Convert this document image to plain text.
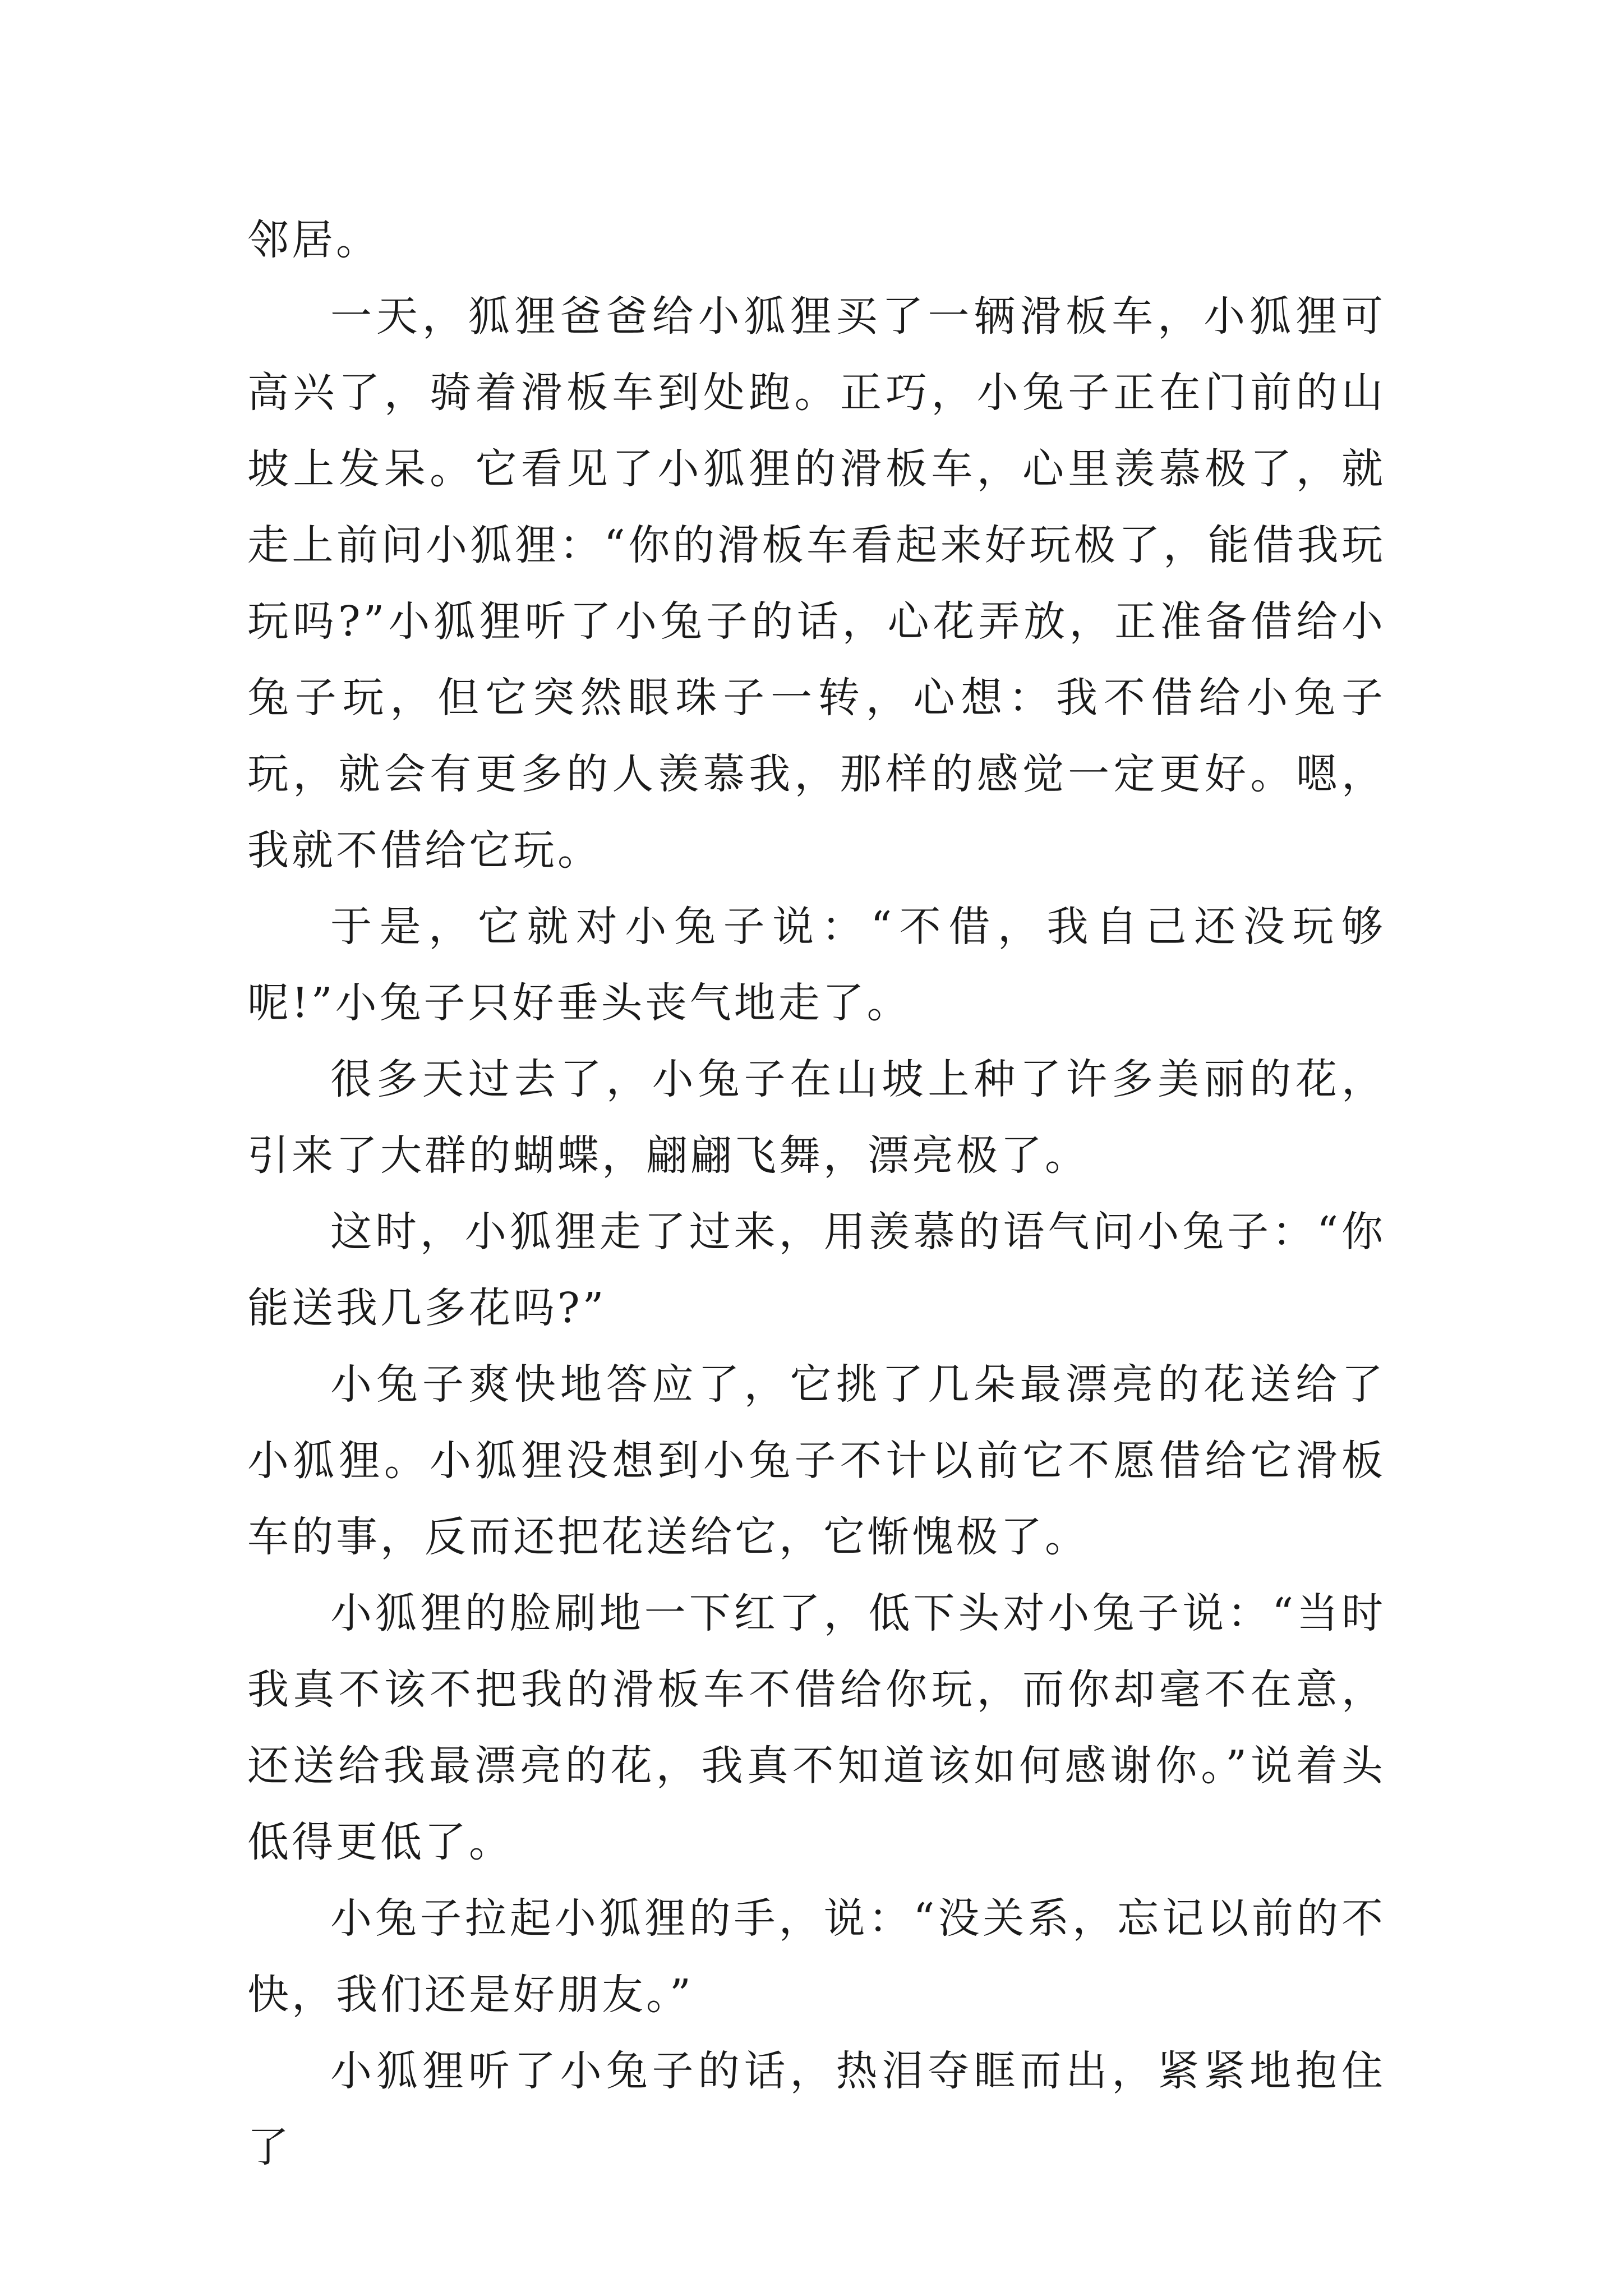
邻居。

一天，狐狸爸爸给小狐狸买了一辆滑板车，小狐狸可高兴了，骑着滑板车到处跑。正巧，小兔子正在门前的山坡上发呆。它看见了小狐狸的滑板车，心里羡慕极了，就走上前问小狐狸：“你的滑板车看起来好玩极了，能借我玩玩吗?”小狐狸听了小兔子的话，心花弄放，正准备借给小兔子玩，但它突然眼珠子一转，心想：我不借给小兔子玩，就会有更多的人羡慕我，那样的感觉一定更好。嗯，我就不借给它玩。

于是，它就对小兔子说：“不借，我自己还没玩够呢!”小兔子只好垂头丧气地走了。

很多天过去了，小兔子在山坡上种了许多美丽的花，引来了大群的蝴蝶，翩翩飞舞，漂亮极了。

这时，小狐狸走了过来，用羡慕的语气问小兔子：“你能送我几多花吗?”

小兔子爽快地答应了，它挑了几朵最漂亮的花送给了小狐狸。小狐狸没想到小兔子不计以前它不愿借给它滑板车的事，反而还把花送给它，它惭愧极了。

小狐狸的脸刷地一下红了，低下头对小兔子说：“当时我真不该不把我的滑板车不借给你玩，而你却毫不在意，还送给我最漂亮的花，我真不知道该如何感谢你。”说着头低得更低了。

小兔子拉起小狐狸的手，说：“没关系，忘记以前的不快，我们还是好朋友。”

小狐狸听了小兔子的话，热泪夺眶而出，紧紧地抱住了
